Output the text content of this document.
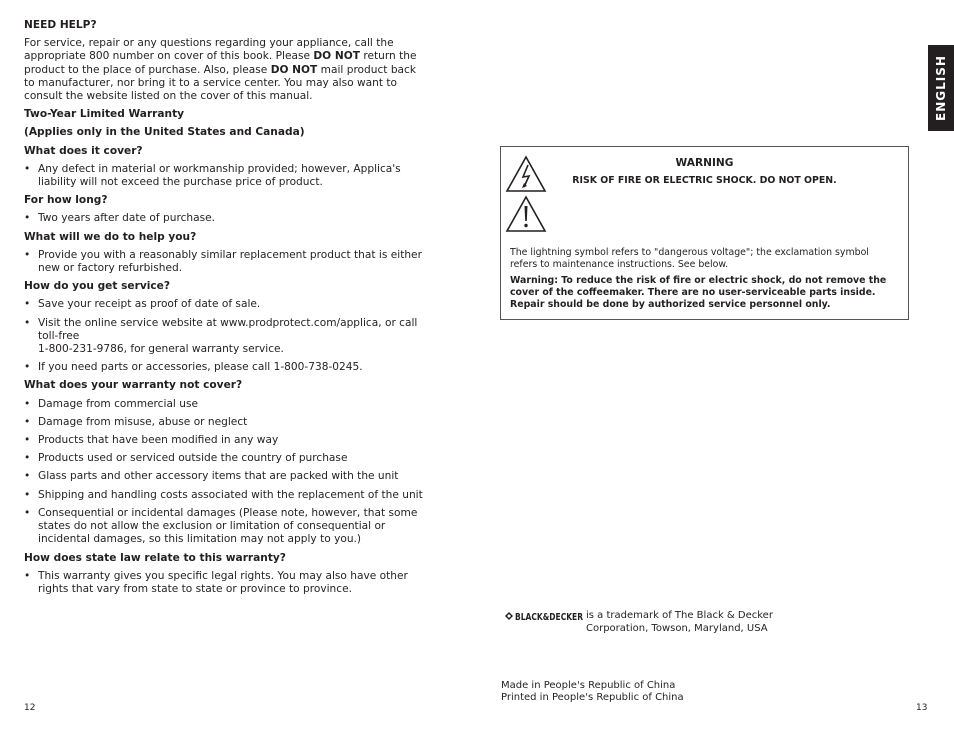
NEED HELP?

For service, repair or any questions regarding your appliance, call the appropriate 800 number on cover of this book. Please DO NOT return the product to the place of purchase. Also, please DO NOT mail product back to manufacturer, nor bring it to a service center. You may also want to consult the website listed on the cover of this manual.

Two-Year Limited Warranty
(Applies only in the United States and Canada)
What does it cover?
• Any defect in material or workmanship provided; however, Applica's liability will not exceed the purchase price of product.
For how long?
• Two years after date of purchase.
What will we do to help you?
• Provide you with a reasonably similar replacement product that is either new or factory refurbished.
How do you get service?
• Save your receipt as proof of date of sale.
• Visit the online service website at www.prodprotect.com/applica, or call toll-free
1-800-231-9786, for general warranty service.
• If you need parts or accessories, please call 1-800-738-0245.
What does your warranty not cover?
• Damage from commercial use
• Damage from misuse, abuse or neglect
• Products that have been modified in any way
• Products used or serviced outside the country of purchase
• Glass parts and other accessory items that are packed with the unit
• Shipping and handling costs associated with the replacement of the unit
• Consequential or incidental damages (Please note, however, that some states do not allow the exclusion or limitation of consequential or incidental damages, so this limitation may not apply to you.)
How does state law relate to this warranty?
• This warranty gives you specific legal rights. You may also have other rights that vary from state to state or province to province.
12
ENGLISH
WARNING
RISK OF FIRE OR ELECTRIC SHOCK. DO NOT OPEN.
The lightning symbol refers to "dangerous voltage"; the exclamation symbol refers to maintenance instructions. See below.
Warning: To reduce the risk of fire or electric shock, do not remove the cover of the coffeemaker. There are no user-serviceable parts inside. Repair should be done by authorized service personnel only.
BLACK&DECKER is a trademark of The Black & Decker
Corporation, Towson, Maryland, USA
Made in People's Republic of China
Printed in People's Republic of China
13
